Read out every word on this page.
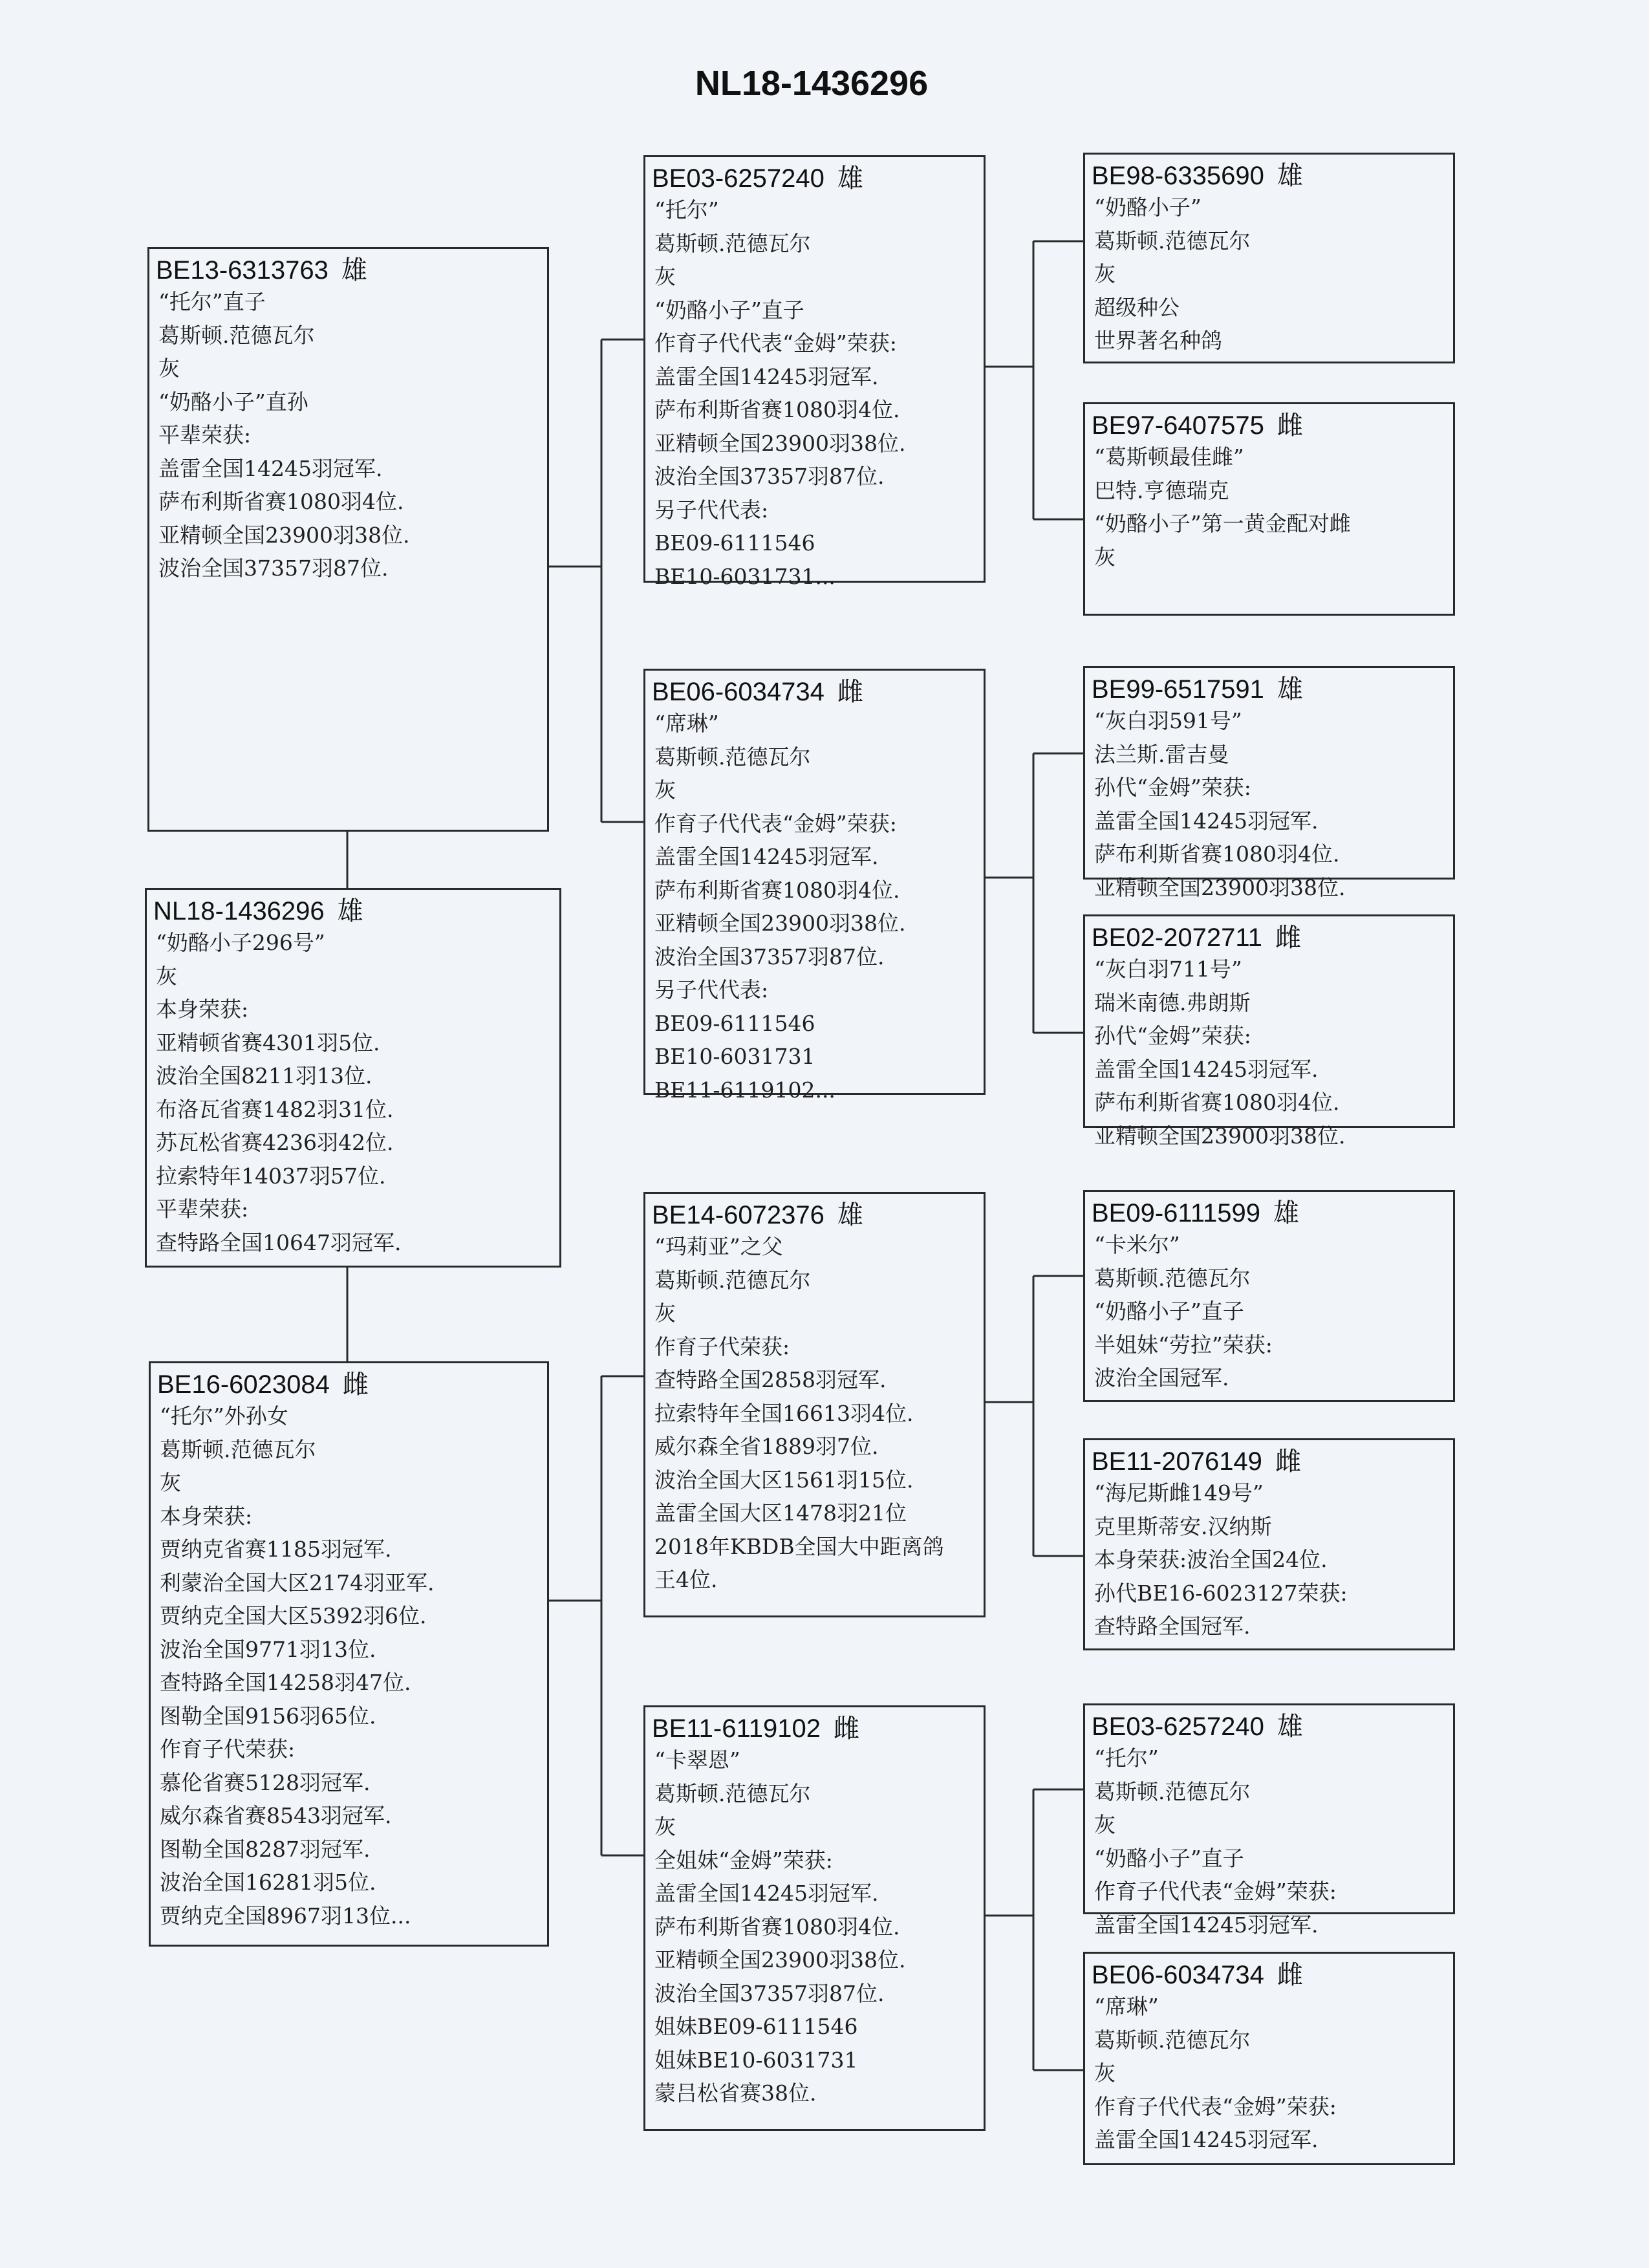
NL18-1436296
BE13-6313763  雄
“托尔”直子
葛斯顿.范德瓦尔
灰
“奶酪小子”直孙
平辈荣获:
盖雷全国14245羽冠军.
萨布利斯省赛1080羽4位.
亚精顿全国23900羽38位.
波治全国37357羽87位.
NL18-1436296  雄
“奶酪小子296号”
灰
本身荣获:
亚精顿省赛4301羽5位.
波治全国8211羽13位.
布洛瓦省赛1482羽31位.
苏瓦松省赛4236羽42位.
拉索特年14037羽57位.
平辈荣获:
查特路全国10647羽冠军.
BE16-6023084  雌
“托尔”外孙女
葛斯顿.范德瓦尔
灰
本身荣获:
贾纳克省赛1185羽冠军.
利蒙治全国大区2174羽亚军.
贾纳克全国大区5392羽6位.
波治全国9771羽13位.
查特路全国14258羽47位.
图勒全国9156羽65位.
作育子代荣获:
慕伦省赛5128羽冠军.
威尔森省赛8543羽冠军.
图勒全国8287羽冠军.
波治全国16281羽5位.
贾纳克全国8967羽13位...
BE03-6257240  雄
“托尔”
葛斯顿.范德瓦尔
灰
“奶酪小子”直子
作育子代代表“金姆”荣获:
盖雷全国14245羽冠军.
萨布利斯省赛1080羽4位.
亚精顿全国23900羽38位.
波治全国37357羽87位.
另子代代表:
BE09-6111546
BE10-6031731...
BE06-6034734  雌
“席琳”
葛斯顿.范德瓦尔
灰
作育子代代表“金姆”荣获:
盖雷全国14245羽冠军.
萨布利斯省赛1080羽4位.
亚精顿全国23900羽38位.
波治全国37357羽87位.
另子代代表:
BE09-6111546
BE10-6031731
BE11-6119102...
BE14-6072376  雄
“玛莉亚”之父
葛斯顿.范德瓦尔
灰
作育子代荣获:
查特路全国2858羽冠军.
拉索特年全国16613羽4位.
威尔森全省1889羽7位.
波治全国大区1561羽15位.
盖雷全国大区1478羽21位
2018年KBDB全国大中距离鸽
王4位.
BE11-6119102  雌
“卡翠恩”
葛斯顿.范德瓦尔
灰
全姐妹“金姆”荣获:
盖雷全国14245羽冠军.
萨布利斯省赛1080羽4位.
亚精顿全国23900羽38位.
波治全国37357羽87位.
姐妹BE09-6111546
姐妹BE10-6031731
蒙吕松省赛38位.
BE98-6335690  雄
“奶酪小子”
葛斯顿.范德瓦尔
灰
超级种公
世界著名种鸽
BE97-6407575  雌
“葛斯顿最佳雌”
巴特.亨德瑞克
“奶酪小子”第一黄金配对雌
灰
BE99-6517591  雄
“灰白羽591号”
法兰斯.雷吉曼
孙代“金姆”荣获:
盖雷全国14245羽冠军.
萨布利斯省赛1080羽4位.
亚精顿全国23900羽38位.
BE02-2072711  雌
“灰白羽711号”
瑞米南德.弗朗斯
孙代“金姆”荣获:
盖雷全国14245羽冠军.
萨布利斯省赛1080羽4位.
亚精顿全国23900羽38位.
BE09-6111599  雄
“卡米尔”
葛斯顿.范德瓦尔
“奶酪小子”直子
半姐妹“劳拉”荣获:
波治全国冠军.
BE11-2076149  雌
“海尼斯雌149号”
克里斯蒂安.汉纳斯
本身荣获:波治全国24位.
孙代BE16-6023127荣获:
查特路全国冠军.
BE03-6257240  雄
“托尔”
葛斯顿.范德瓦尔
灰
“奶酪小子”直子
作育子代代表“金姆”荣获:
盖雷全国14245羽冠军.
BE06-6034734  雌
“席琳”
葛斯顿.范德瓦尔
灰
作育子代代表“金姆”荣获:
盖雷全国14245羽冠军.
